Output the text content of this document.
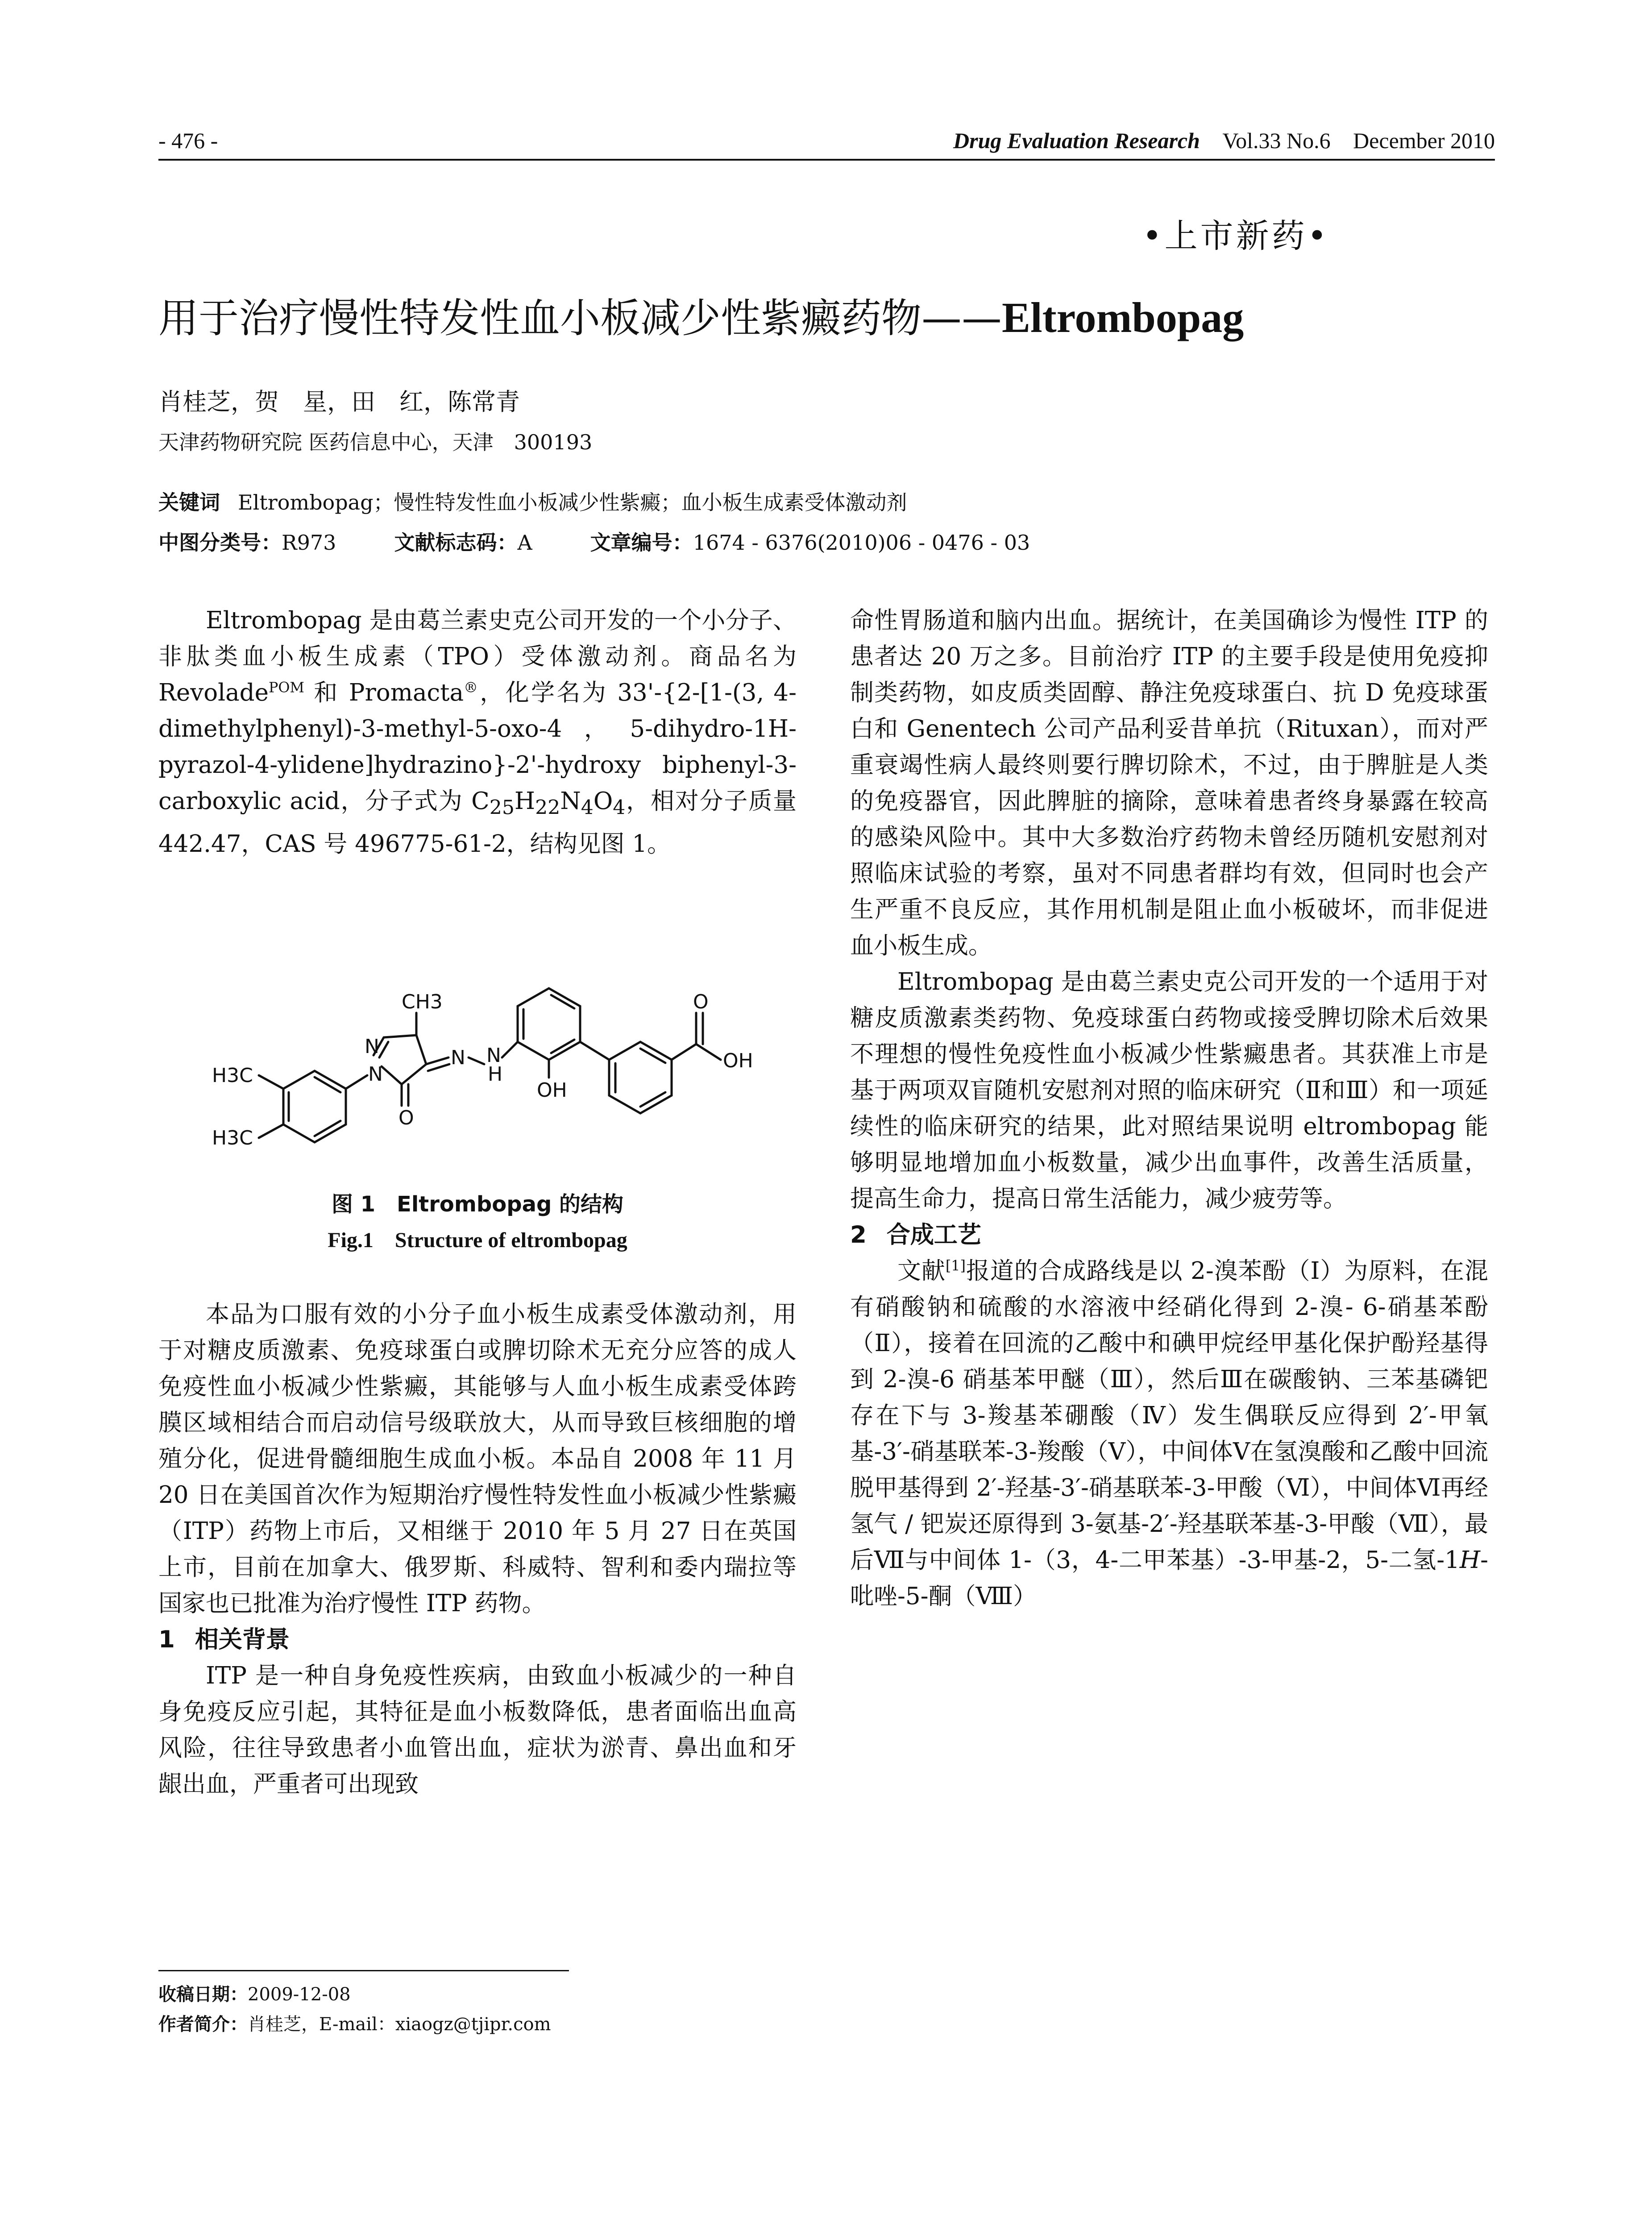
- 476 -	Drug Evaluation Research Vol.33 No.6 December 2010
•上市新药•
用于治疗慢性特发性血小板减少性紫癜药物——Eltrombopag
肖桂芝，贺　星，田　红，陈常青
天津药物研究院 医药信息中心，天津　300193
关键词 Eltrombopag；慢性特发性血小板减少性紫癜；血小板生成素受体激动剂
中图分类号：R973	文献标志码：A	文章编号：1674 - 6376(2010)06 - 0476 - 03

Eltrombopag 是由葛兰素史克公司开发的一个小分子、非肽类血小板生成素（TPO）受体激动剂。商品名为 Revolade$^{POM}$ 和 Promacta®，化学名为 33'-{2-[1-(3, 4-dimethylphenyl)-3-methyl-5-oxo-4，5-dihydro-1H-pyrazol-4-ylidene]hydrazino}-2'-hydroxy biphenyl-3-carboxylic acid，分子式为 $C_{25}H_{22}N_4O_4$，相对分子质量 442.47，CAS 号 496775-61-2，结构见图 1。

CH3
H3C
H3C
N
N
N N
H
O
OH
O
OH
图 1　Eltrombopag 的结构
Fig.1　Structure of eltrombopag

本品为口服有效的小分子血小板生成素受体激动剂，用于对糖皮质激素、免疫球蛋白或脾切除术无充分应答的成人免疫性血小板减少性紫癜，其能够与人血小板生成素受体跨膜区域相结合而启动信号级联放大，从而导致巨核细胞的增殖分化，促进骨髓细胞生成血小板。本品自 2008 年 11 月 20 日在美国首次作为短期治疗慢性特发性血小板减少性紫癜（ITP）药物上市后，又相继于 2010 年 5 月 27 日在英国上市，目前在加拿大、俄罗斯、科威特、智利和委内瑞拉等国家也已批准为治疗慢性 ITP 药物。

1 相关背景

ITP 是一种自身免疫性疾病，由致血小板减少的一种自身免疫反应引起，其特征是血小板数降低，患者面临出血高风险，往往导致患者小血管出血，症状为淤青、鼻出血和牙龈出血，严重者可出现致

命性胃肠道和脑内出血。据统计，在美国确诊为慢性 ITP 的患者达 20 万之多。目前治疗 ITP 的主要手段是使用免疫抑制类药物，如皮质类固醇、静注免疫球蛋白、抗 D 免疫球蛋白和 Genentech 公司产品利妥昔单抗（Rituxan），而对严重衰竭性病人最终则要行脾切除术，不过，由于脾脏是人类的免疫器官，因此脾脏的摘除，意味着患者终身暴露在较高的感染风险中。其中大多数治疗药物未曾经历随机安慰剂对照临床试验的考察，虽对不同患者群均有效，但同时也会产生严重不良反应，其作用机制是阻止血小板破坏，而非促进血小板生成。

Eltrombopag 是由葛兰素史克公司开发的一个适用于对糖皮质激素类药物、免疫球蛋白药物或接受脾切除术后效果不理想的慢性免疫性血小板减少性紫癜患者。其获准上市是基于两项双盲随机安慰剂对照的临床研究（Ⅱ和Ⅲ）和一项延续性的临床研究的结果，此对照结果说明 eltrombopag 能够明显地增加血小板数量，减少出血事件，改善生活质量，提高生命力，提高日常生活能力，减少疲劳等。

2 合成工艺

文献[1]报道的合成路线是以 2-溴苯酚（Ⅰ）为原料，在混有硝酸钠和硫酸的水溶液中经硝化得到 2-溴- 6-硝基苯酚（Ⅱ），接着在回流的乙酸中和碘甲烷经甲基化保护酚羟基得到 2-溴-6 硝基苯甲醚（Ⅲ），然后Ⅲ在碳酸钠、三苯基磷钯存在下与 3-羧基苯硼酸（Ⅳ）发生偶联反应得到 2′-甲氧基-3′-硝基联苯-3-羧酸（Ⅴ），中间体Ⅴ在氢溴酸和乙酸中回流脱甲基得到 2′-羟基-3′-硝基联苯-3-甲酸（Ⅵ），中间体Ⅵ再经氢气 / 钯炭还原得到 3-氨基-2′-羟基联苯基-3-甲酸（Ⅶ），最后Ⅶ与中间体 1-（3，4-二甲苯基）-3-甲基-2，5-二氢-1H-吡唑-5-酮（Ⅷ）

收稿日期：2009-12-08
作者简介：肖桂芝，E-mail：xiaogz@tjipr.com
